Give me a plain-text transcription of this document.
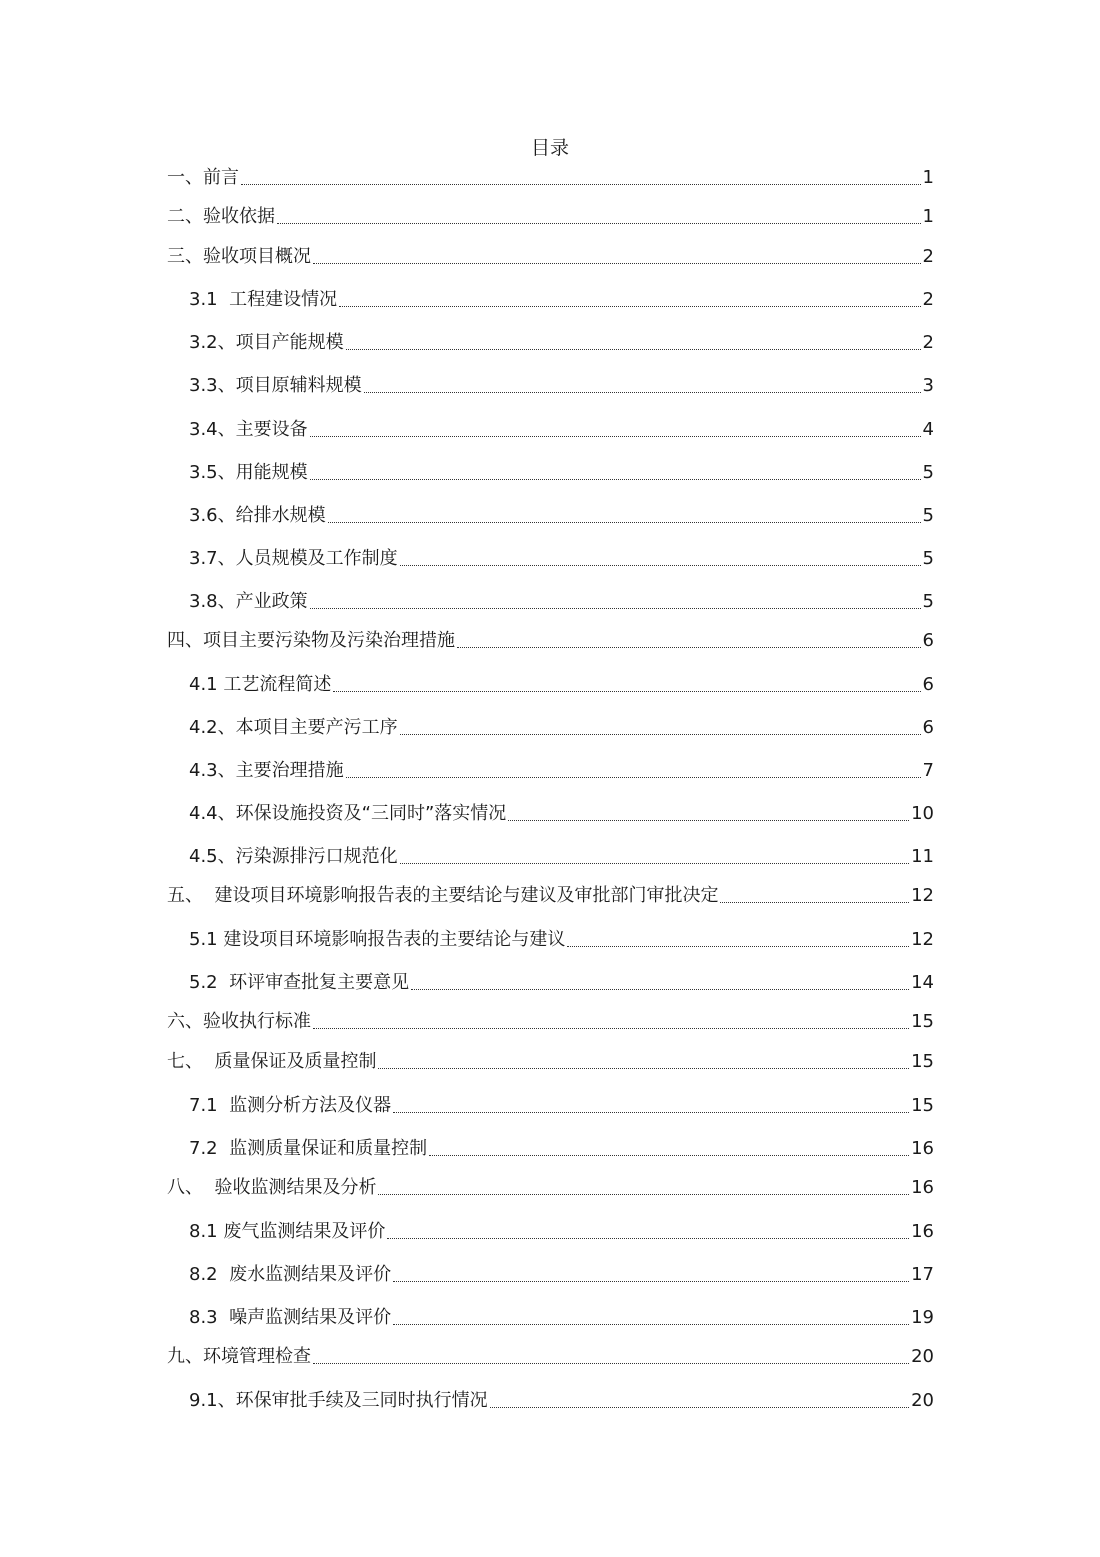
目录
一、前言	1
二、验收依据	1
三、验收项目概况	2
3.1 工程建设情况	2
3.2 、项目产能规模	2
3.3 、项目原辅料规模	3
3.4 、主要设备	4
3.5 、用能规模	5
3.6 、给排水规模	5
3.7 、人员规模及工作制度	5
3.8 、产业政策	5
四、项目主要污染物及污染治理措施	6
4.1 工艺流程简述	6
4.2 、本项目主要产污工序	6
4.3 、主要治理措施	7
4.4 、环保设施投资及“三同时”落实情况	10
4.5 、污染源排污口规范化	11
五、  建设项目环境影响报告表的主要结论与建议及审批部门审批决定	12
5.1 建设项目环境影响报告表的主要结论与建议	12
5.2 环评审查批复主要意见	14
六、验收执行标准	15
七、  质量保证及质量控制	15
7.1 监测分析方法及仪器	15
7.2 监测质量保证和质量控制	16
八、  验收监测结果及分析	16
8.1 废气监测结果及评价	16
8.2 废水监测结果及评价	17
8.3 噪声监测结果及评价	19
九、环境管理检查	20
9.1 、环保审批手续及三同时执行情况	20
